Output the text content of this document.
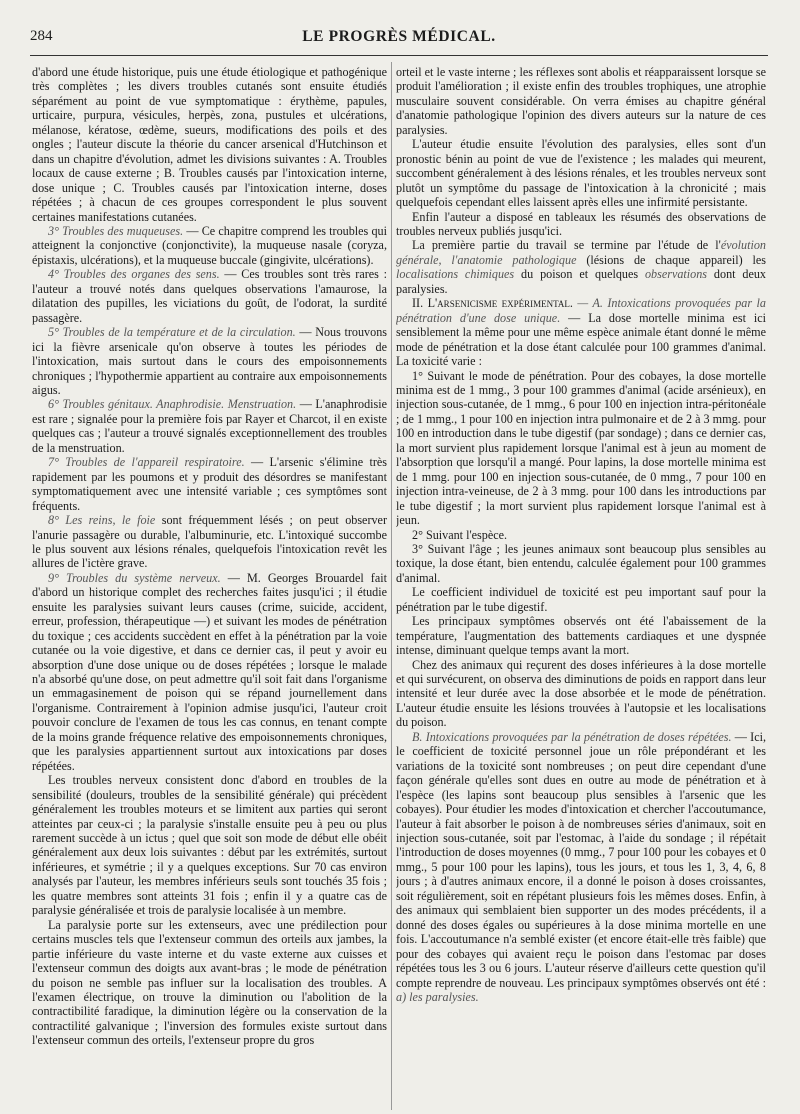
284	LE PROGRÈS MÉDICAL.

d'abord une étude historique, puis une étude étiologique et pathogénique très complètes ; les divers troubles cutanés sont ensuite étudiés séparément au point de vue symptomatique : érythème, papules, urticaire, purpura, vésicules, herpès, zona, pustules et ulcérations, mélanose, kératose, œdème, sueurs, modifications des poils et des ongles ; l'auteur discute la théorie du cancer arsenical d'Hutchinson et dans un chapitre d'évolution, admet les divisions suivantes : A. Troubles locaux de cause externe ; B. Troubles causés par l'intoxication interne, dose unique ; C. Troubles causés par l'intoxication interne, doses répétées ; à chacun de ces groupes correspondent le plus souvent certaines manifestations cutanées.

3° Troubles des muqueuses. — Ce chapitre comprend les troubles qui atteignent la conjonctive (conjonctivite), la muqueuse nasale (coryza, épistaxis, ulcérations), et la muqueuse buccale (gingivite, ulcérations).

4° Troubles des organes des sens. — Ces troubles sont très rares : l'auteur a trouvé notés dans quelques observations l'amaurose, la dilatation des pupilles, les viciations du goût, de l'odorat, la surdité passagère.

5° Troubles de la température et de la circulation. — Nous trouvons ici la fièvre arsenicale qu'on observe à toutes les périodes de l'intoxication, mais surtout dans le cours des empoisonnements chroniques ; l'hypothermie appartient au contraire aux empoisonnements aigus.

6° Troubles génitaux. Anaphrodisie. Menstruation. — L'anaphrodisie est rare ; signalée pour la première fois par Rayer et Charcot, il en existe quelques cas ; l'auteur a trouvé signalés exceptionnellement des troubles de la menstruation.

7° Troubles de l'appareil respiratoire. — L'arsenic s'élimine très rapidement par les poumons et y produit des désordres se manifestant symptomatiquement avec une intensité variable ; ces symptômes sont fréquents.

8° Les reins, le foie sont fréquemment lésés ; on peut observer l'anurie passagère ou durable, l'albuminurie, etc. L'intoxiqué succombe le plus souvent aux lésions rénales, quelquefois l'intoxication revêt les allures de l'ictère grave.

9° Troubles du système nerveux. — M. Georges Brouardel fait d'abord un historique complet des recherches faites jusqu'ici ; il étudie ensuite les paralysies suivant leurs causes (crime, suicide, accident, erreur, profession, thérapeutique —) et suivant les modes de pénétration du toxique ; ces accidents succèdent en effet à la pénétration par la voie cutanée ou la voie digestive, et dans ce dernier cas, il peut y avoir eu absorption d'une dose unique ou de doses répétées ; lorsque le malade n'a absorbé qu'une dose, on peut admettre qu'il soit fait dans l'organisme un emmagasinement de poison qui se répand journellement dans l'organisme. Contrairement à l'opinion admise jusqu'ici, l'auteur croit pouvoir conclure de l'examen de tous les cas connus, en tenant compte de la moins grande fréquence relative des empoisonnements chroniques, que les paralysies appartiennent surtout aux intoxications par doses répétées.

Les troubles nerveux consistent donc d'abord en troubles de la sensibilité (douleurs, troubles de la sensibilité générale) qui précèdent généralement les troubles moteurs et se limitent aux parties qui seront atteintes par ceux-ci ; la paralysie s'installe ensuite peu à peu ou plus rarement succède à un ictus ; quel que soit son mode de début elle obéit généralement aux deux lois suivantes : début par les extrémités, surtout inférieures, et symétrie ; il y a quelques exceptions. Sur 70 cas environ analysés par l'auteur, les membres inférieurs seuls sont touchés 35 fois ; les quatre membres sont atteints 31 fois ; enfin il y a quatre cas de paralysie généralisée et trois de paralysie localisée à un membre.

La paralysie porte sur les extenseurs, avec une prédilection pour certains muscles tels que l'extenseur commun des orteils aux jambes, la partie inférieure du vaste interne et du vaste externe aux cuisses et l'extenseur commun des doigts aux avant-bras ; le mode de pénétration du poison ne semble pas influer sur la localisation des troubles. A l'examen électrique, on trouve la diminution ou l'abolition de la contractibilité faradique, la diminution légère ou la conservation de la contractilité galvanique ; l'inversion des formules existe surtout dans l'extenseur commun des orteils, l'extenseur propre du gros

orteil et le vaste interne ; les réflexes sont abolis et réapparaissent lorsque se produit l'amélioration ; il existe enfin des troubles trophiques, une atrophie musculaire souvent considérable. On verra émises au chapitre général d'anatomie pathologique l'opinion des divers auteurs sur la nature de ces paralysies.

L'auteur étudie ensuite l'évolution des paralysies, elles sont d'un pronostic bénin au point de vue de l'existence ; les malades qui meurent, succombent généralement à des lésions rénales, et les troubles nerveux sont plutôt un symptôme du passage de l'intoxication à la chronicité ; mais quelquefois cependant elles laissent après elles une infirmité persistante.

Enfin l'auteur a disposé en tableaux les résumés des observations de troubles nerveux publiés jusqu'ici.

La première partie du travail se termine par l'étude de l'évolution générale, l'anatomie pathologique (lésions de chaque appareil) les localisations chimiques du poison et quelques observations dont deux paralysies.

II. L'arsenicisme expérimental. — A. Intoxications provoquées par la pénétration d'une dose unique. — La dose mortelle minima est ici sensiblement la même pour une même espèce animale étant donné le même mode de pénétration et la dose étant calculée pour 100 grammes d'animal. La toxicité varie :

1° Suivant le mode de pénétration. Pour des cobayes, la dose mortelle minima est de 1 mmg., 3 pour 100 grammes d'animal (acide arsénieux), en injection sous-cutanée, de 1 mmg., 6 pour 100 en injection intra-péritonéale ; de 1 mmg., 1 pour 100 en injection intra pulmonaire et de 2 à 3 mmg. pour 100 en introduction dans le tube digestif (par sondage) ; dans ce dernier cas, la mort survient plus rapidement lorsque l'animal est à jeun au moment de l'absorption que lorsqu'il a mangé. Pour lapins, la dose mortelle minima est de 1 mmg. pour 100 en injection sous-cutanée, de 0 mmg., 7 pour 100 en injection intra-veineuse, de 2 à 3 mmg. pour 100 dans les introductions par le tube digestif ; la mort survient plus rapidement lorsque l'animal est à jeun.

2° Suivant l'espèce.

3° Suivant l'âge ; les jeunes animaux sont beaucoup plus sensibles au toxique, la dose étant, bien entendu, calculée également pour 100 grammes d'animal.

Le coefficient individuel de toxicité est peu important sauf pour la pénétration par le tube digestif.

Les principaux symptômes observés ont été l'abaissement de la température, l'augmentation des battements cardiaques et une dyspnée intense, diminuant quelque temps avant la mort.

Chez des animaux qui reçurent des doses inférieures à la dose mortelle et qui survécurent, on observa des diminutions de poids en rapport dans leur intensité et leur durée avec la dose absorbée et le mode de pénétration. L'auteur étudie ensuite les lésions trouvées à l'autopsie et les localisations du poison.

B. Intoxications provoquées par la pénétration de doses répétées. — Ici, le coefficient de toxicité personnel joue un rôle prépondérant et les variations de la toxicité sont nombreuses ; on peut dire cependant d'une façon générale qu'elles sont dues en outre au mode de pénétration et à l'espèce (les lapins sont beaucoup plus sensibles à l'arsenic que les cobayes). Pour étudier les modes d'intoxication et chercher l'accoutumance, l'auteur à fait absorber le poison à de nombreuses séries d'animaux, soit en injection sous-cutanée, soit par l'estomac, à l'aide du sondage ; il répétait l'introduction de doses moyennes (0 mmg., 7 pour 100 pour les cobayes et 0 mmg., 5 pour 100 pour les lapins), tous les jours, et tous les 1, 3, 4, 6, 8 jours ; à d'autres animaux encore, il a donné le poison à doses croissantes, soit régulièrement, soit en répétant plusieurs fois les mêmes doses. Enfin, à des animaux qui semblaient bien supporter un des modes précédents, il a donné des doses égales ou supérieures à la dose minima mortelle en une fois. L'accoutumance n'a semblé exister (et encore était-elle très faible) que pour des cobayes qui avaient reçu le poison dans l'estomac par doses répétées tous les 3 ou 6 jours. L'auteur réserve d'ailleurs cette question qu'il compte reprendre de nouveau. Les principaux symptômes observés ont été : a) les paralysies.
